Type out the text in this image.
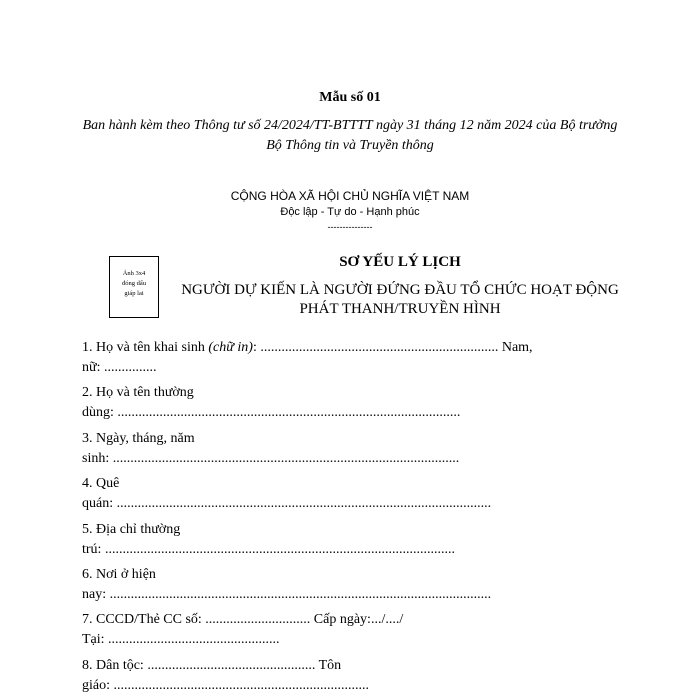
Mẫu số 01
Ban hành kèm theo Thông tư số 24/2024/TT-BTTTT ngày 31 tháng 12 năm 2024 của Bộ trưởng Bộ Thông tin và Truyền thông
CỘNG HÒA XÃ HỘI CHỦ NGHĨA VIỆT NAM
Độc lập - Tự do - Hạnh phúc
---------------
Ảnh 3x4
đóng dấu
giáp lai
SƠ YẾU LÝ LỊCH
NGƯỜI DỰ KIẾN LÀ NGƯỜI ĐỨNG ĐẦU TỔ CHỨC HOẠT ĐỘNG PHÁT THANH/TRUYỀN HÌNH
1. Họ và tên khai sinh (chữ in): .................................................................... Nam,
nữ: ...............
2. Họ và tên thường
dùng: ..................................................................................................
3. Ngày, tháng, năm
sinh: ...................................................................................................
4. Quê
quán: ...........................................................................................................
5. Địa chỉ thường
trú: ....................................................................................................
6. Nơi ở hiện
nay: .............................................................................................................
7. CCCD/Thẻ CC số: .............................. Cấp ngày:.../..../
Tại: .................................................
8. Dân tộc: ................................................ Tôn
giáo: .........................................................................
